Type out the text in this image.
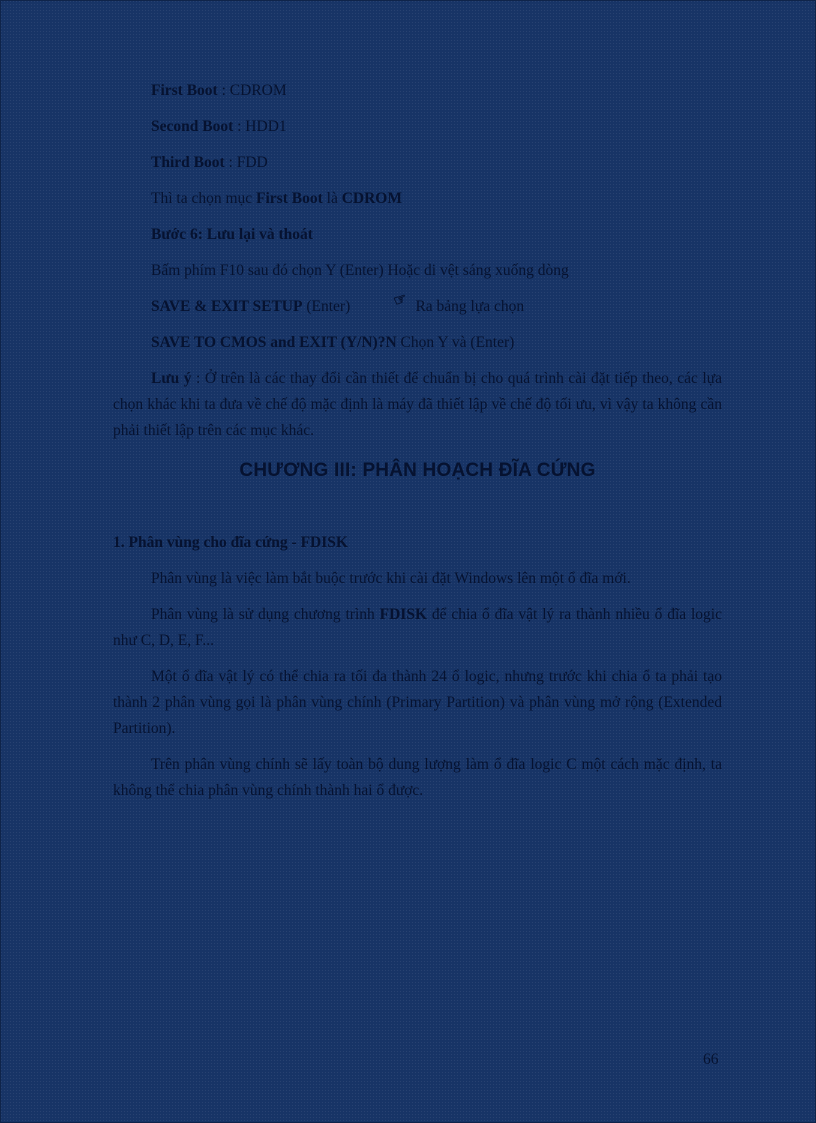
First Boot : CDROM

Second Boot : HDD1

Third Boot : FDD

Thì ta chọn mục First Boot là CDROM

Bước 6: Lưu lại và thoát

Bấm phím F10 sau đó chọn Y (Enter) Hoặc di vệt sáng xuống dòng

SAVE & EXIT SETUP (Enter)	☞ Ra bảng lựa chọn

SAVE TO CMOS and EXIT (Y/N)?N Chọn Y và (Enter)

Lưu ý : Ở trên là các thay đổi cần thiết để chuẩn bị cho quá trình cài đặt tiếp theo, các lựa chọn khác khi ta đưa về chế độ mặc định là máy đã thiết lập về chế độ tối ưu, vì vậy ta không cần phải thiết lập trên các mục khác.

CHƯƠNG III: PHÂN HOẠCH ĐĨA CỨNG

1. Phân vùng cho đĩa cứng - FDISK

Phân vùng là việc làm bắt buộc trước khi cài đặt Windows lên một ổ đĩa mới.

Phân vùng là sử dụng chương trình FDISK để chia ổ đĩa vật lý ra thành nhiều ổ đĩa logic như C, D, E, F...

Một ổ đĩa vật lý có thể chia ra tối đa thành 24 ổ logic, nhưng trước khi chia ổ ta phải tạo thành 2 phân vùng gọi là phân vùng chính (Primary Partition) và phân vùng mở rộng (Extended Partition).

Trên phân vùng chính sẽ lấy toàn bộ dung lượng làm ổ đĩa logic C một cách mặc định, ta không thể chia phân vùng chính thành hai ổ được.

66
